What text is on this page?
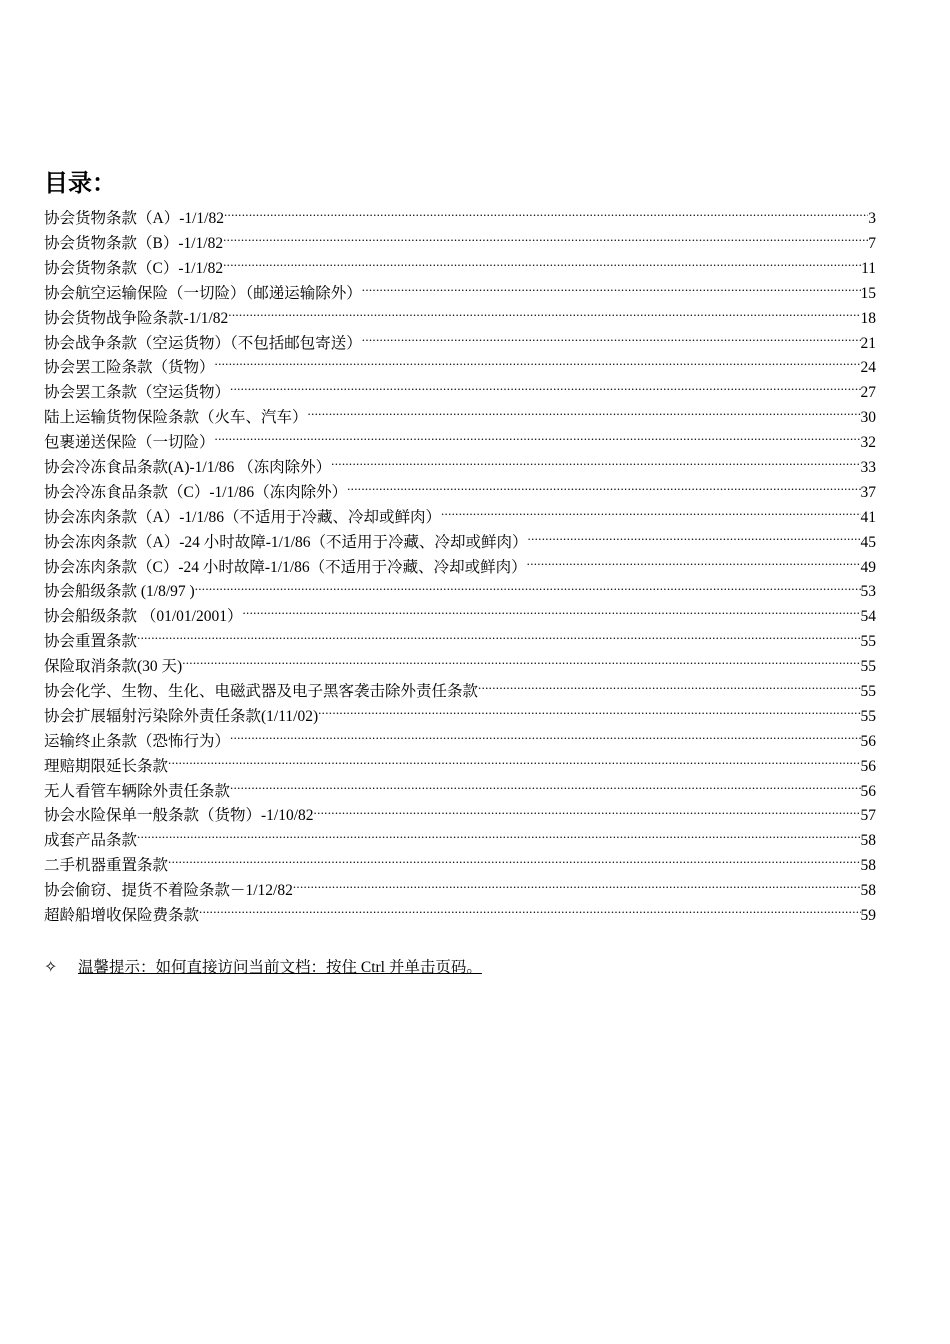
目录：
协会货物条款（A）-1/1/82 .....	3
协会货物条款（B）-1/1/82 .....	7
协会货物条款（C）-1/1/82 .....	11
协会航空运输保险（一切险）（邮递运输除外） .....	15
协会货物战争险条款-1/1/82 .....	18
协会战争条款（空运货物）（不包括邮包寄送） .....	21
协会罢工险条款（货物） .....	24
协会罢工条款（空运货物） .....	27
陆上运输货物保险条款（火车、汽车） .....	30
包裹递送保险（一切险） .....	32
协会冷冻食品条款(A)-1/1/86 （冻肉除外） .....	33
协会冷冻食品条款（C）-1/1/86（冻肉除外） .....	37
协会冻肉条款（A）-1/1/86（不适用于冷藏、冷却或鲜肉） .....	41
协会冻肉条款（A）-24 小时故障-1/1/86（不适用于冷藏、冷却或鲜肉） .....	45
协会冻肉条款（C）-24 小时故障-1/1/86（不适用于冷藏、冷却或鲜肉） .....	49
协会船级条款 (1/8/97 ) .....	53
协会船级条款 （01/01/2001） .....	54
协会重置条款 .....	55
保险取消条款(30 天) .....	55
协会化学、生物、生化、电磁武器及电子黑客袭击除外责任条款 .....	55
协会扩展辐射污染除外责任条款(1/11/02) .....	55
运输终止条款（恐怖行为） .....	56
理赔期限延长条款 .....	56
无人看管车辆除外责任条款 .....	56
协会水险保单一般条款（货物）-1/10/82 .....	57
成套产品条款 .....	58
二手机器重置条款 .....	58
协会偷窃、提货不着险条款－1/12/82 .....	58
超龄船增收保险费条款 .....	59
✧	温馨提示：如何直接访问当前文档：按住 Ctrl 并单击页码。
